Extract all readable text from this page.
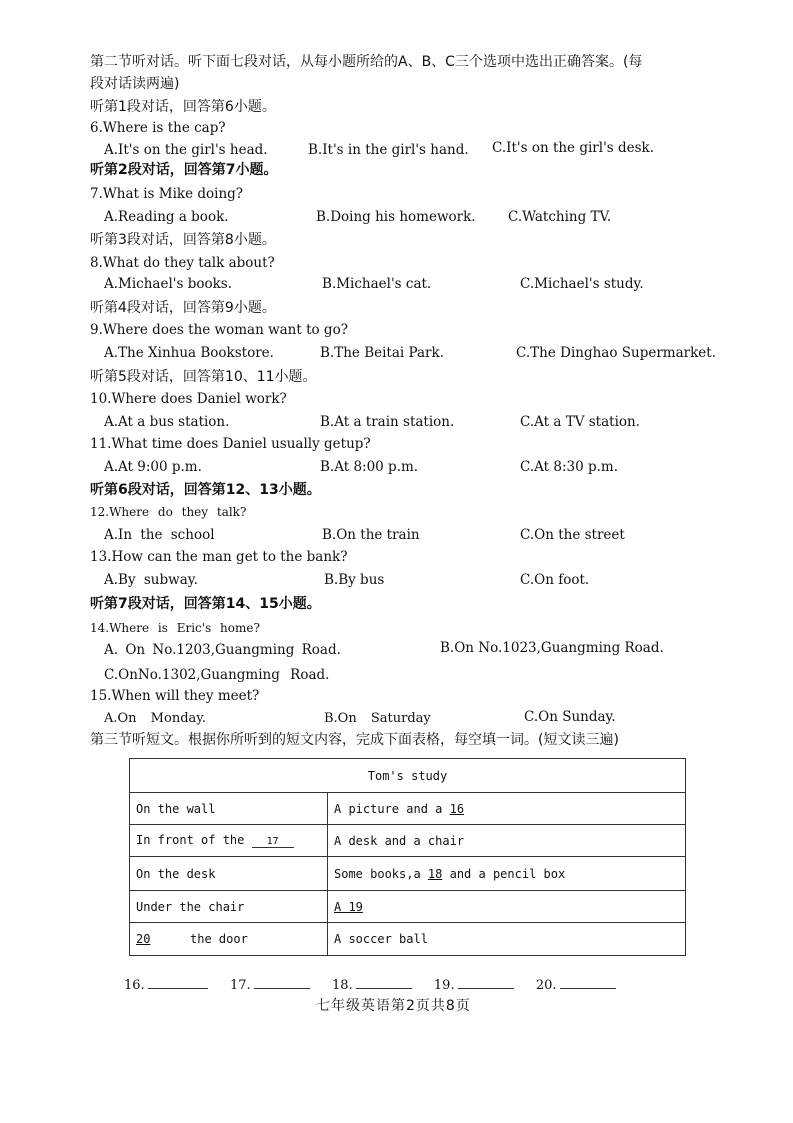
第二节听对话。听下面七段对话，从每小题所给的A、B、C三个选项中选出正确答案。(每
段对话读两遍)
听第1段对话，回答第6小题。
6.Where is the cap?
A.It's on the girl's head.	B.It's in the girl's hand. C.It's on the girl's desk.
听第2段对话，回答第7小题。
7.What is Mike doing?
A.Reading a book.	B.Doing his homework. C.Watching TV.
听第3段对话，回答第8小题。
8.What do they talk about?
A.Michael's books.	B.Michael's cat.	C.Michael's study.
听第4段对话，回答第9小题。
9.Where does the woman want to go?
A.The Xinhua Bookstore.	B.The Beitai Park.	C.The Dinghao Supermarket.
听第5段对话，回答第10、11小题。
10.Where does Daniel work?
A.At a bus station.	B.At a train station.	C.At a TV station.
11.What time does Daniel usually getup?
A.At 9:00 p.m.	B.At 8:00 p.m.	C.At 8:30 p.m.
听第6段对话，回答第12、13小题。
12.Where do they talk?
A.In the school	B.On the train	C.On the street
13.How can the man get to the bank?
A.By subway.	B.By bus	C.On foot.
听第7段对话，回答第14、15小题。
14.Where is Eric's home?
A. On No.1203,Guangming Road.	B.On No.1023,Guangming Road.
C.OnNo.1302,Guangming Road.
15.When will they meet?
A.On Monday.	B.On Saturday	C.On Sunday.
第三节听短文。根据你所听到的短文内容，完成下面表格，每空填一词。(短文读三遍)
Tom's study	
On the wall	A picture and a 16
In front of the 17	A desk and a chair
On the desk	Some books,a 18 and a pencil box
Under the chair	A 19
20 the door	A soccer ball
16.	17.	18.	19.	20.
七年级英语第2页共8页
